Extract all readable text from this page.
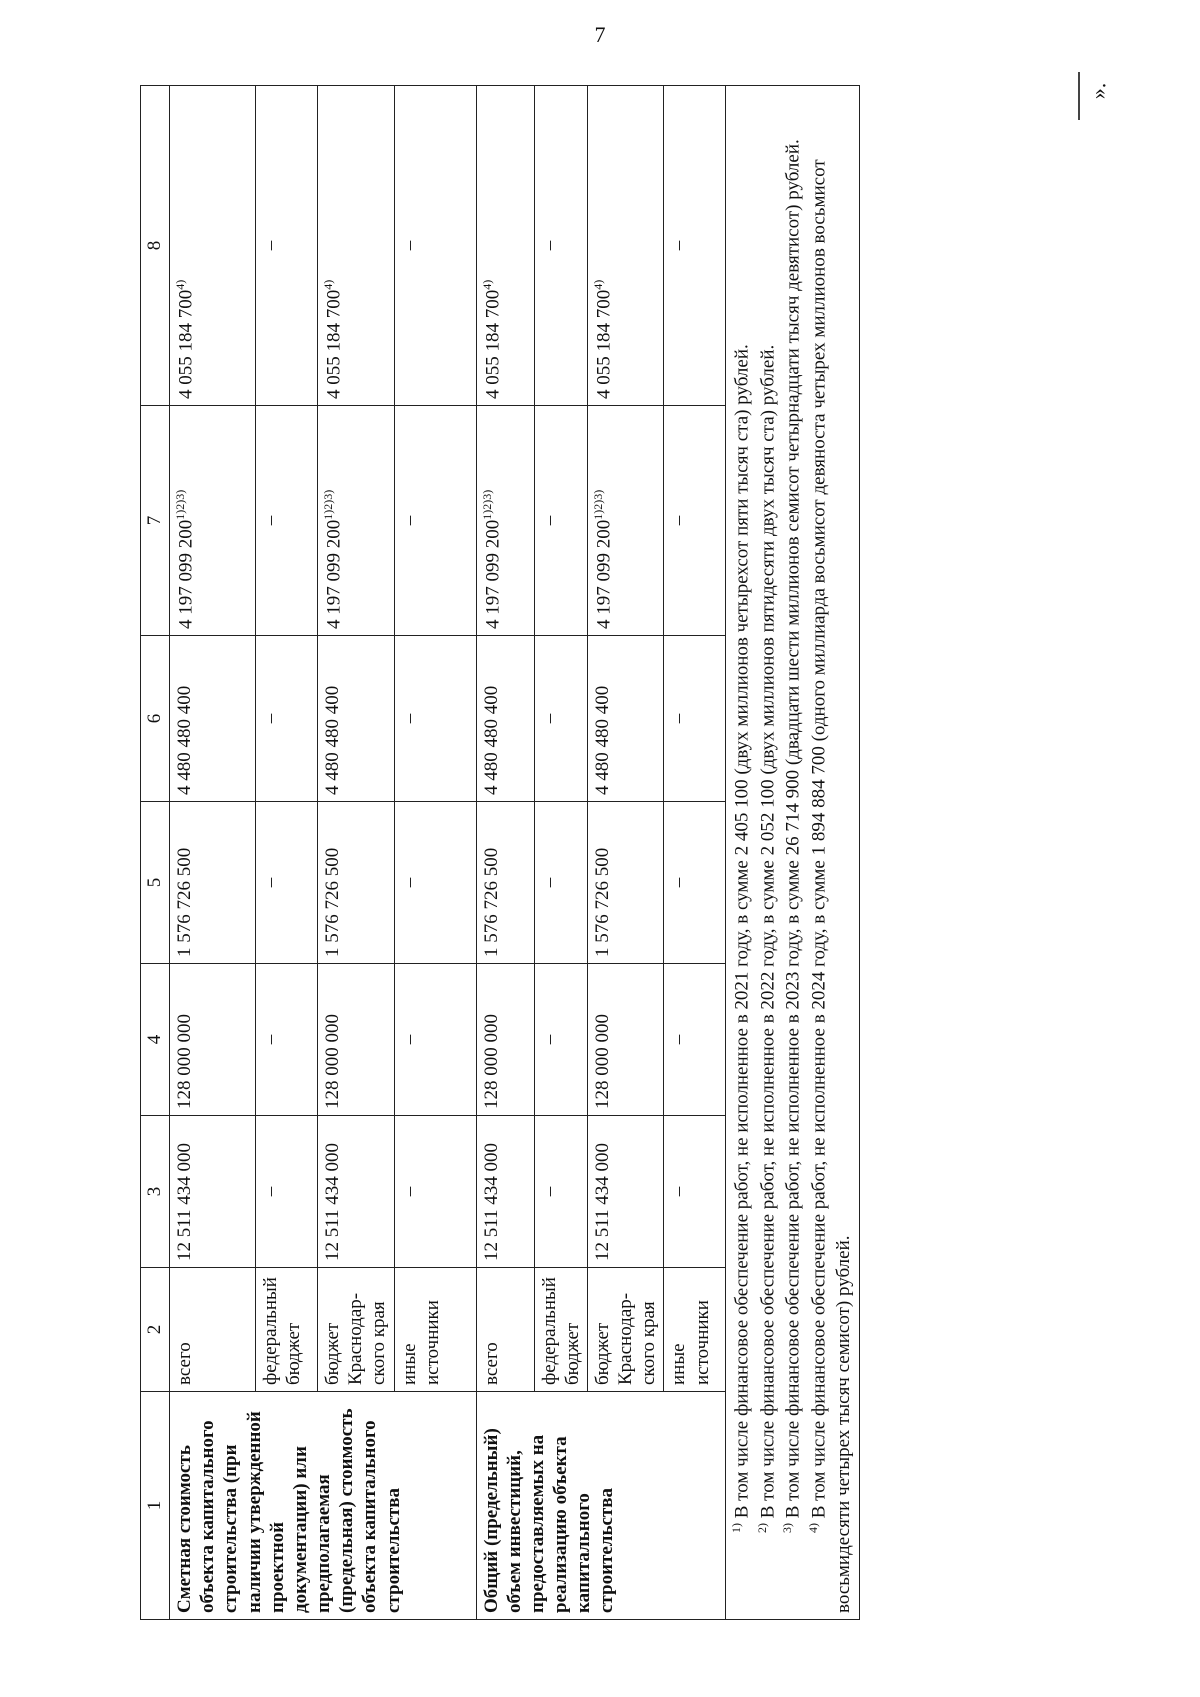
7
».
1	2	3	4	5	6	7	8
Сметная стоимость объекта капитального строительства (при наличии утвержденной проектной документации) или предполагаемая (предельная) стоимость объекта капитального строительства	всего	12 511 434 000	128 000 000	1 576 726 500	4 480 480 400	4 197 099 $200^{1)2)3)}$	4 055 184 700$^{4)}$
	федеральный бюджет	–	–	–	–	–	–
	бюджет Краснодар-ского края	12 511 434 000	128 000 000	1 576 726 500	4 480 480 400	4 197 099 $200^{1)2)3)}$	4 055 184 700$^{4)}$
	иные источники	–	–	–	–	–	–
Общий (предельный) объем инвестиций, предоставляемых на реализацию объекта капитального строительства	всего	12 511 434 000	128 000 000	1 576 726 500	4 480 480 400	4 197 099 $200^{1)2)3)}$	4 055 184 700$^{4)}$
	федеральный бюджет	–	–	–	–	–	–
	бюджет Краснодар-ского края	12 511 434 000	128 000 000	1 576 726 500	4 480 480 400	4 197 099 $200^{1)2)3)}$	4 055 184 700$^{4)}$
	иные источники	–	–	–	–	–	–

$^{1)}$ В том числе финансовое обеспечение работ, не исполненное в 2021 году, в сумме 2 405 100 (двух миллионов четырехсот пяти тысяч ста) рублей.

$^{2)}$ В том числе финансовое обеспечение работ, не исполненное в 2022 году, в сумме 2 052 100 (двух миллионов пятидесяти двух тысяч ста) рублей.

$^{3)}$ В том числе финансовое обеспечение работ, не исполненное в 2023 году, в сумме 26 714 900 (двадцати шести миллионов семисот четырнадцати тысяч девятисот) рублей.

$^{4)}$ В том числе финансовое обеспечение работ, не исполненное в 2024 году, в сумме 1 894 884 700 (одного миллиарда восьмисот девяноста четырех миллионов восьмисот восьмидесяти четырех тысяч семисот) рублей.							
